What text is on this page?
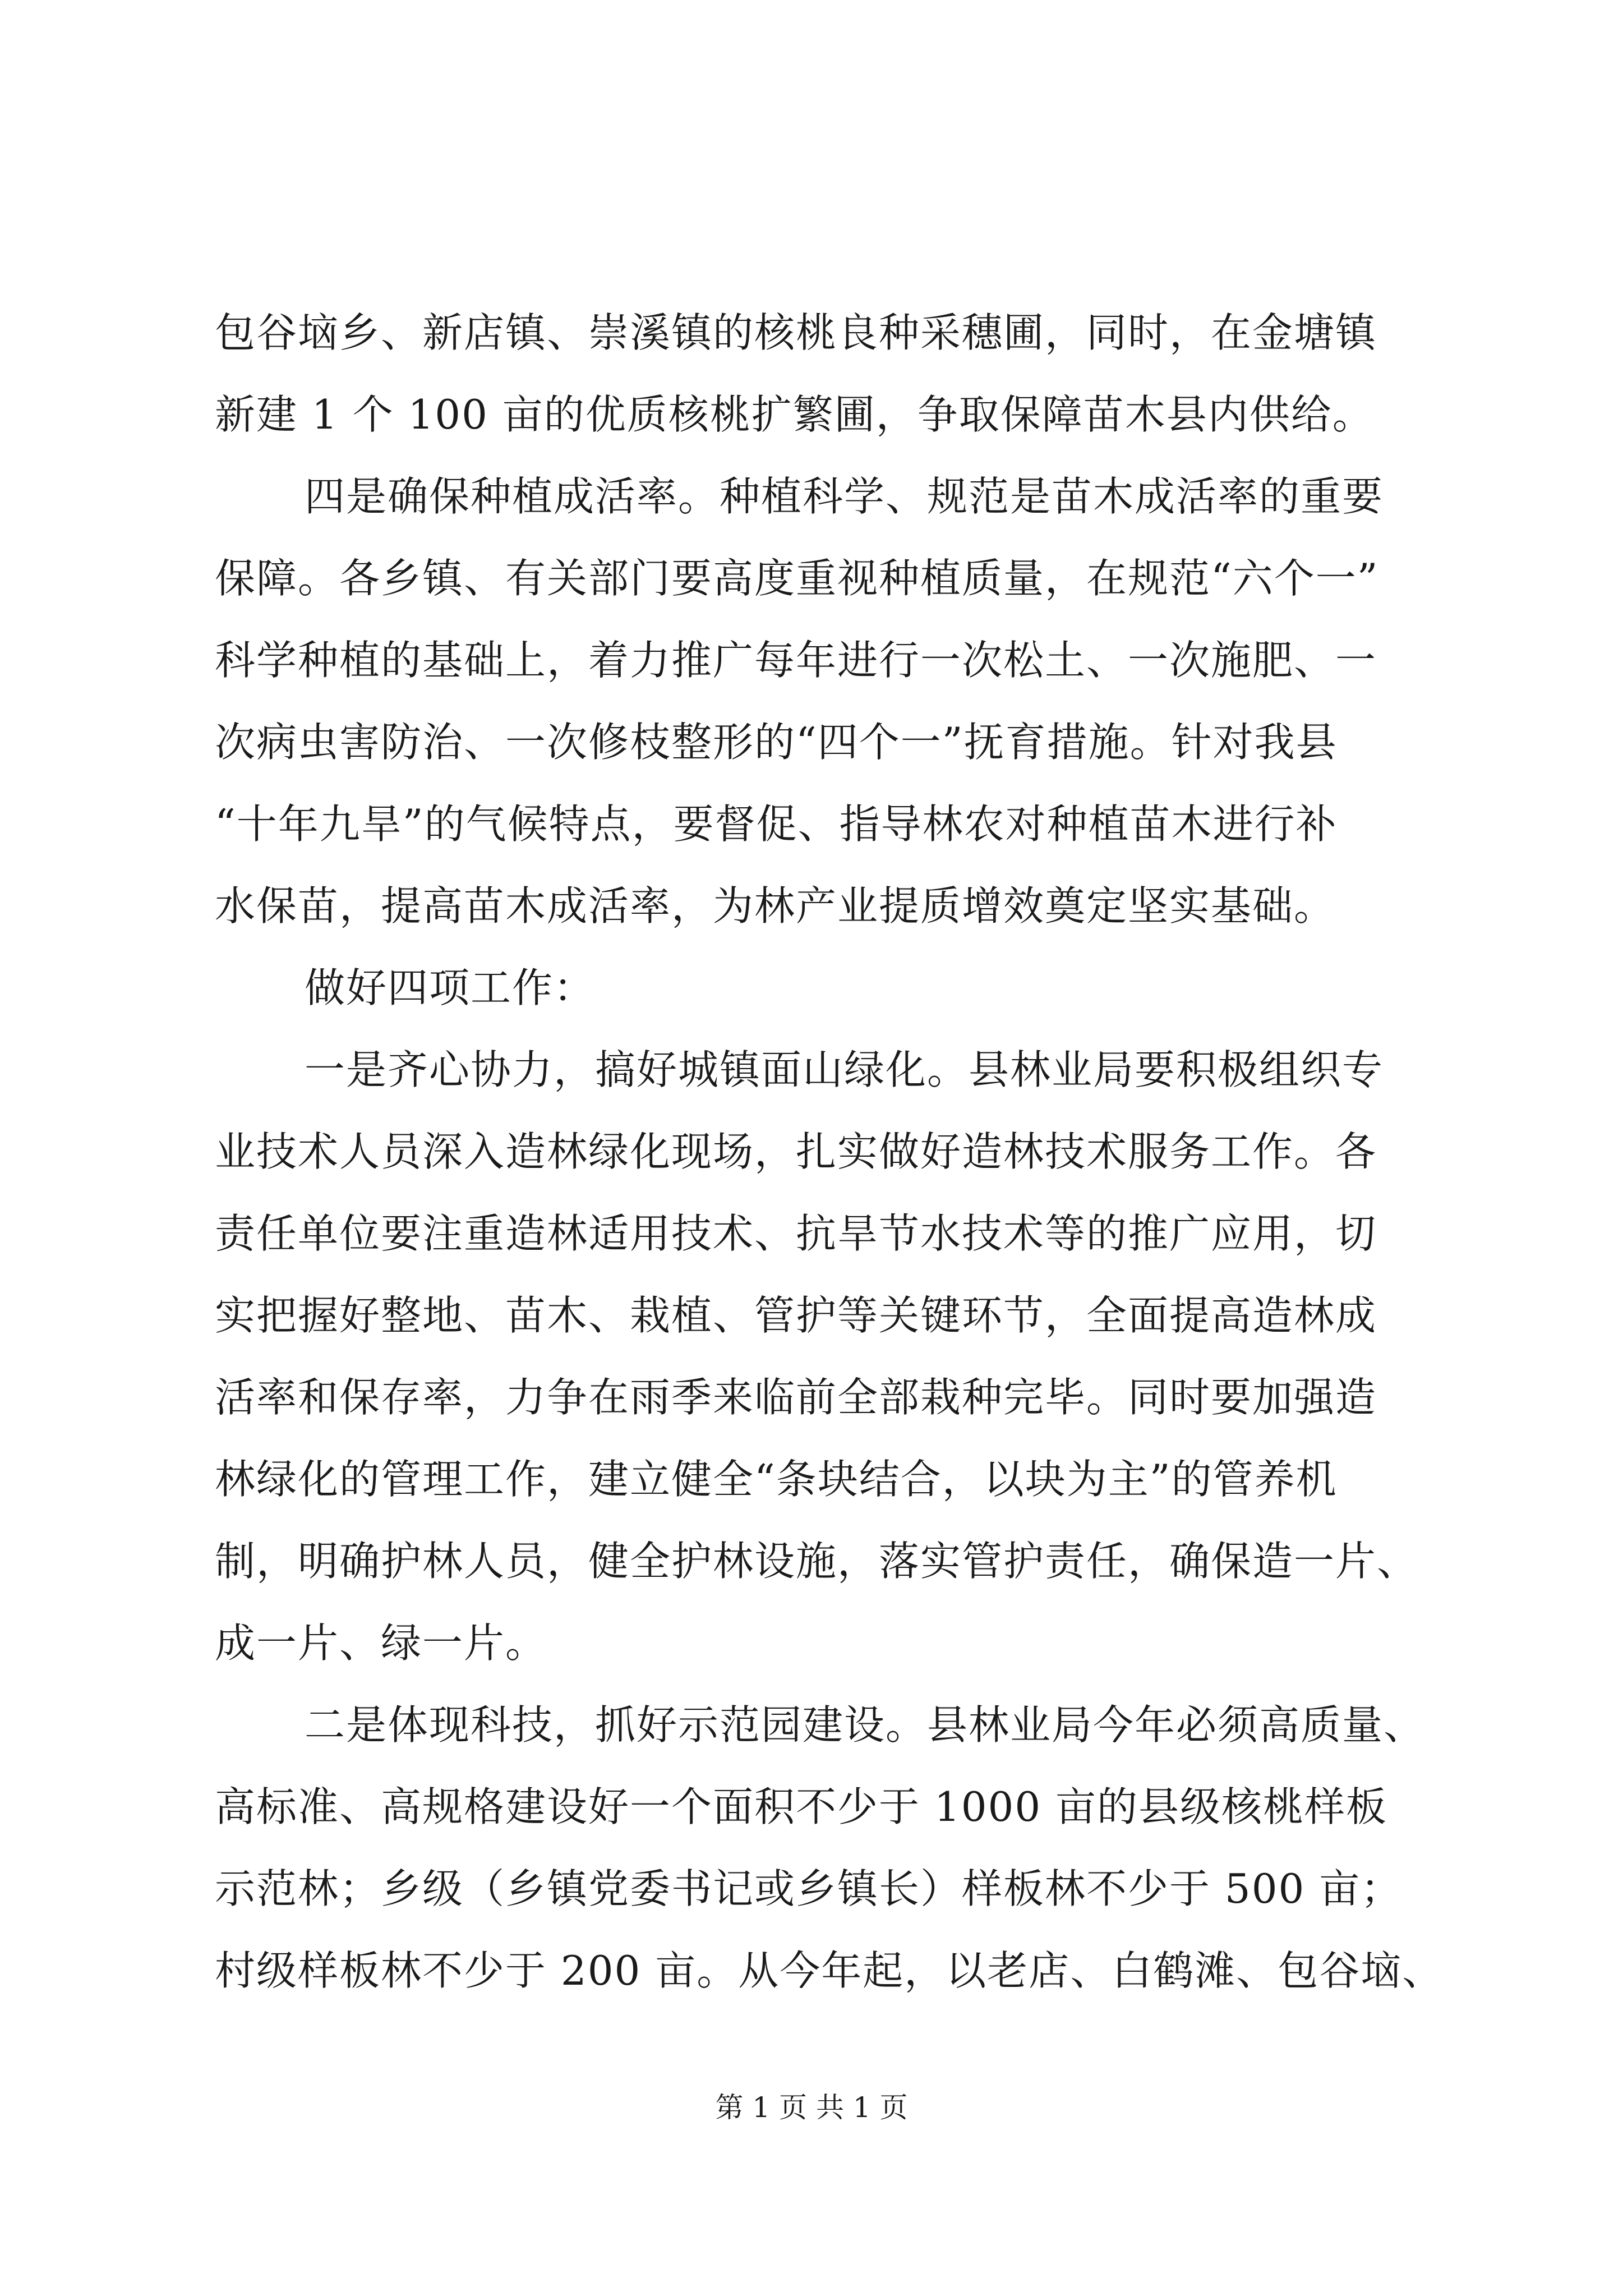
包谷垴乡、新店镇、崇溪镇的核桃良种采穗圃，同时，在金塘镇
新建 1 个 100 亩的优质核桃扩繁圃，争取保障苗木县内供给。
四是确保种植成活率。种植科学、规范是苗木成活率的重要
保障。各乡镇、有关部门要高度重视种植质量，在规范“六个一”
科学种植的基础上，着力推广每年进行一次松土、一次施肥、一
次病虫害防治、一次修枝整形的“四个一”抚育措施。针对我县
“十年九旱”的气候特点，要督促、指导林农对种植苗木进行补
水保苗，提高苗木成活率，为林产业提质增效奠定坚实基础。
做好四项工作：
一是齐心协力，搞好城镇面山绿化。县林业局要积极组织专
业技术人员深入造林绿化现场，扎实做好造林技术服务工作。各
责任单位要注重造林适用技术、抗旱节水技术等的推广应用，切
实把握好整地、苗木、栽植、管护等关键环节，全面提高造林成
活率和保存率，力争在雨季来临前全部栽种完毕。同时要加强造
林绿化的管理工作，建立健全“条块结合，以块为主”的管养机
制，明确护林人员，健全护林设施，落实管护责任，确保造一片、
成一片、绿一片。
二是体现科技，抓好示范园建设。县林业局今年必须高质量、
高标准、高规格建设好一个面积不少于 1000 亩的县级核桃样板
示范林；乡级（乡镇党委书记或乡镇长）样板林不少于 500 亩；
村级样板林不少于 200 亩。从今年起，以老店、白鹤滩、包谷垴、
第 1 页 共 1 页
